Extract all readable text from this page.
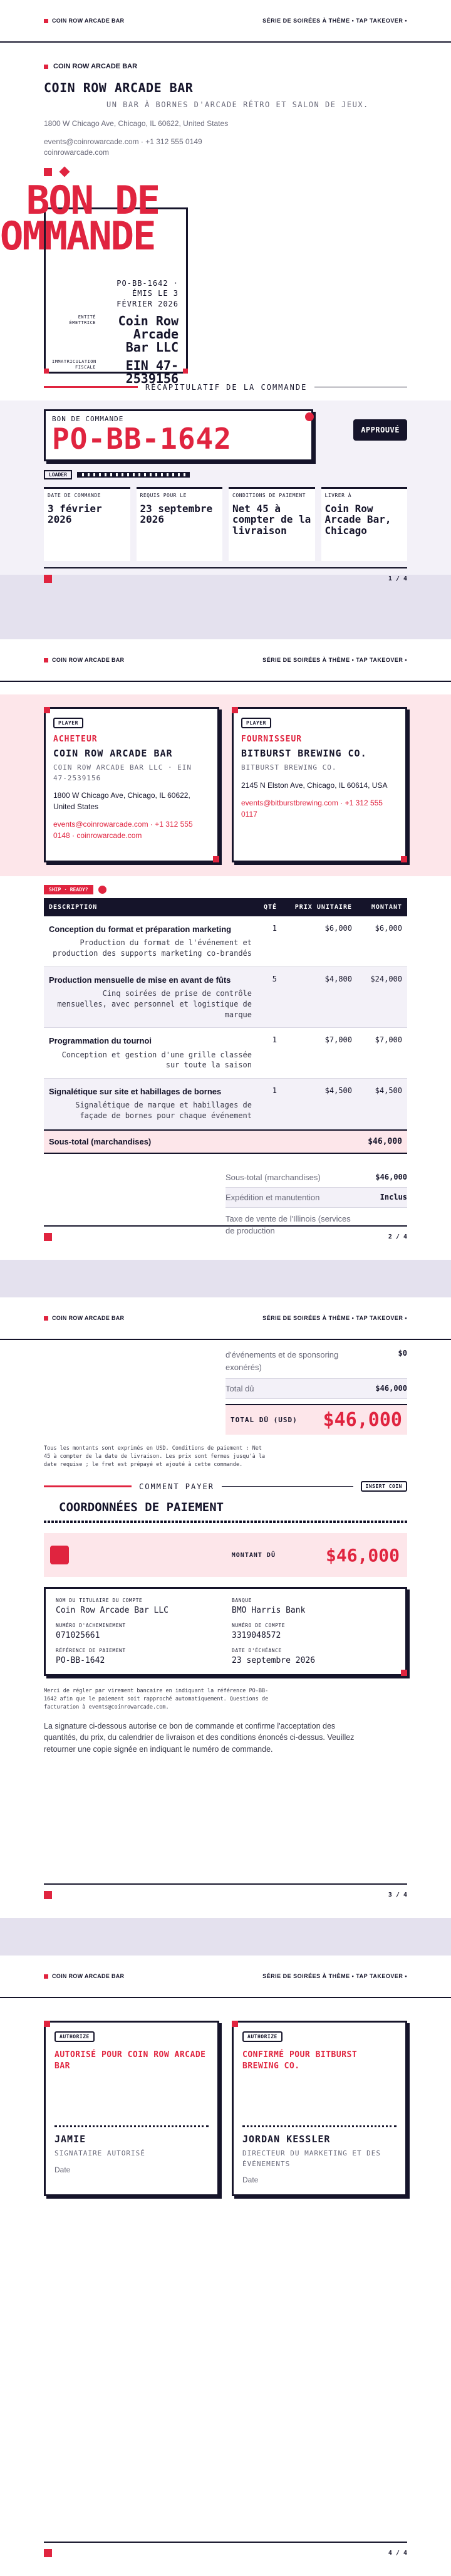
COIN ROW ARCADE BAR	SÉRIE DE SOIRÉES À THÈME • TAP TAKEOVER •
COIN ROW ARCADE BAR
COIN ROW ARCADE BAR
UN BAR À BORNES D'ARCADE RÉTRO ET SALON DE JEUX.
1800 W Chicago Ave, Chicago, IL 60622, United States
events@coinrowarcade.com · +1 312 555 0149
coinrowarcade.com
PO-BB-1642 · ÉMIS LE 3 FÉVRIER 2026
ENTITÉ ÉMETTRICE	Coin Row Arcade Bar LLC
IMMATRICULATION FISCALE	EIN 47-2539156
BON DE
OMMANDE
RÉCAPITULATIF DE LA COMMANDE
BON DE COMMANDE
PO-BB-1642	APPROUVÉ
LOADER
DATE DE COMMANDE
3 février 2026
REQUIS POUR LE
23 septembre 2026
CONDITIONS DE PAIEMENT
Net 45 à compter de la livraison
LIVRER À
Coin Row Arcade Bar, Chicago
1 / 4
COIN ROW ARCADE BAR	SÉRIE DE SOIRÉES À THÈME • TAP TAKEOVER •
PLAYER
ACHETEUR
COIN ROW ARCADE BAR
COIN ROW ARCADE BAR LLC · EIN 47-2539156
1800 W Chicago Ave, Chicago, IL 60622, United States
events@coinrowarcade.com · +1 312 555 0148 · coinrowarcade.com
PLAYER
FOURNISSEUR
BITBURST BREWING CO.
BITBURST BREWING CO.
2145 N Elston Ave, Chicago, IL 60614, USA
events@bitburstbrewing.com · +1 312 555 0117
SHIP · READY?
DESCRIPTION	QTÉ	PRIX UNITAIRE	MONTANT
Conception du format et préparation marketing
Production du format de l'événement et production des supports marketing co-brandés
1	$6,000	$6,000
Production mensuelle de mise en avant de fûts
Cinq soirées de prise de contrôle mensuelles, avec personnel et logistique de marque
5	$4,800	$24,000
Programmation du tournoi
Conception et gestion d'une grille classée sur toute la saison
1	$7,000	$7,000
Signalétique sur site et habillages de bornes
Signalétique de marque et habillages de façade de bornes pour chaque événement
1	$4,500	$4,500
Sous-total (marchandises)	$46,000
Sous-total (marchandises)	$46,000
Expédition et manutention	Inclus
Taxe de vente de l'Illinois (services de production
2 / 4
COIN ROW ARCADE BAR	SÉRIE DE SOIRÉES À THÈME • TAP TAKEOVER •
d'événements et de sponsoring exonérés)
$0
Total dû	$46,000
TOTAL DÛ (USD) $46,000
Tous les montants sont exprimés en USD. Conditions de paiement : Net 45 à compter de la date de livraison. Les prix sont fermes jusqu'à la date requise ; le fret est prépayé et ajouté à cette commande.
COMMENT PAYER	INSERT COIN
COORDONNÉES DE PAIEMENT
MONTANT DÛ	$46,000
NOM DU TITULAIRE DU COMPTE
Coin Row Arcade Bar LLC
BANQUE
BMO Harris Bank
NUMÉRO D'ACHEMINEMENT
071025661
NUMÉRO DE COMPTE
3319048572
RÉFÉRENCE DE PAIEMENT
PO-BB-1642
DATE D'ÉCHÉANCE
23 septembre 2026
Merci de régler par virement bancaire en indiquant la référence PO-BB-1642 afin que le paiement soit rapproché automatiquement. Questions de facturation à events@coinrowarcade.com.
La signature ci-dessous autorise ce bon de commande et confirme l'acceptation des quantités, du prix, du calendrier de livraison et des conditions énoncés ci-dessus. Veuillez retourner une copie signée en indiquant le numéro de commande.
3 / 4
COIN ROW ARCADE BAR	SÉRIE DE SOIRÉES À THÈME • TAP TAKEOVER •
AUTHORIZE
AUTORISÉ POUR COIN ROW ARCADE BAR
JAMIE
SIGNATAIRE AUTORISÉ
Date
AUTHORIZE
CONFIRMÉ POUR BITBURST BREWING CO.
JORDAN KESSLER
DIRECTEUR DU MARKETING ET DES ÉVÉNEMENTS
Date
4 / 4
